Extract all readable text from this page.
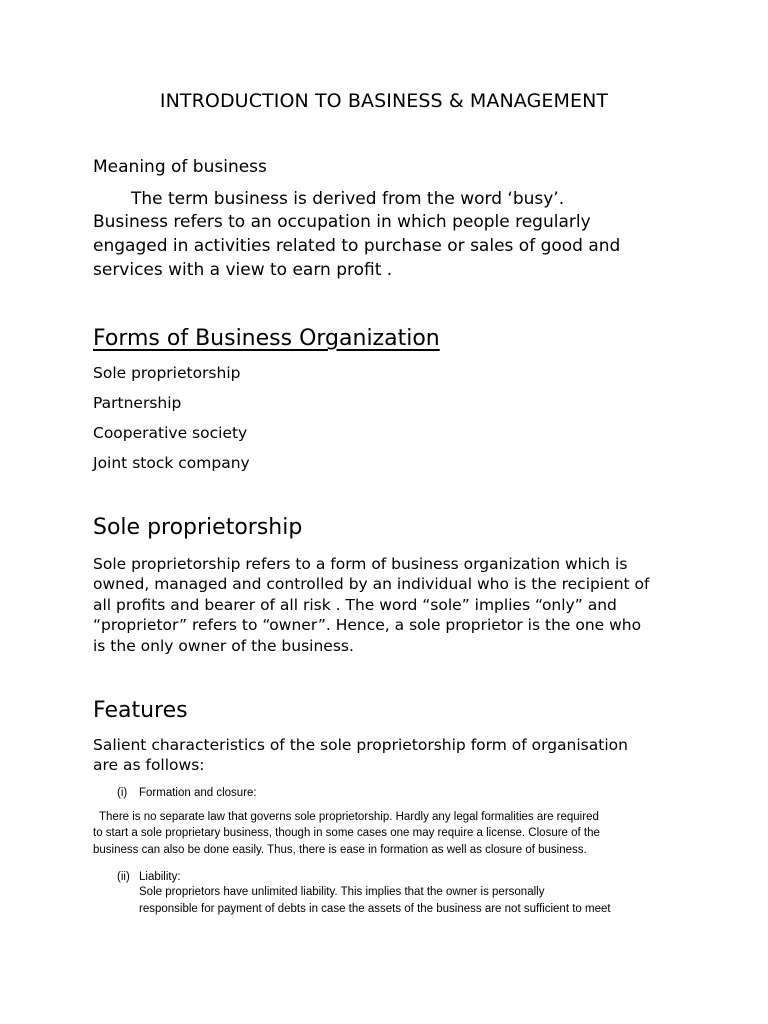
INTRODUCTION TO BASINESS & MANAGEMENT

Meaning of business

The term business is derived from the word ‘busy’.

Business refers to an occupation in which people regularly

engaged in activities related to purchase or sales of good and

services with a view to earn profit .

Forms of Business Organization

Sole proprietorship

Partnership

Cooperative society

Joint stock company

Sole proprietorship

Sole proprietorship refers to a form of business organization which is

owned, managed and controlled by an individual who is the recipient of

all profits and bearer of all risk . The word “sole” implies “only” and

“proprietor” refers to “owner”. Hence, a sole proprietor is the one who

is the only owner of the business.

Features

Salient characteristics of the sole proprietorship form of organisation

are as follows:

(i) Formation and closure:

There is no separate law that governs sole proprietorship. Hardly any legal formalities are required

to start a sole proprietary business, though in some cases one may require a license. Closure of the

business can also be done easily. Thus, there is ease in formation as well as closure of business.

(ii) Liability:

Sole proprietors have unlimited liability. This implies that the owner is personally

responsible for payment of debts in case the assets of the business are not sufficient to meet
